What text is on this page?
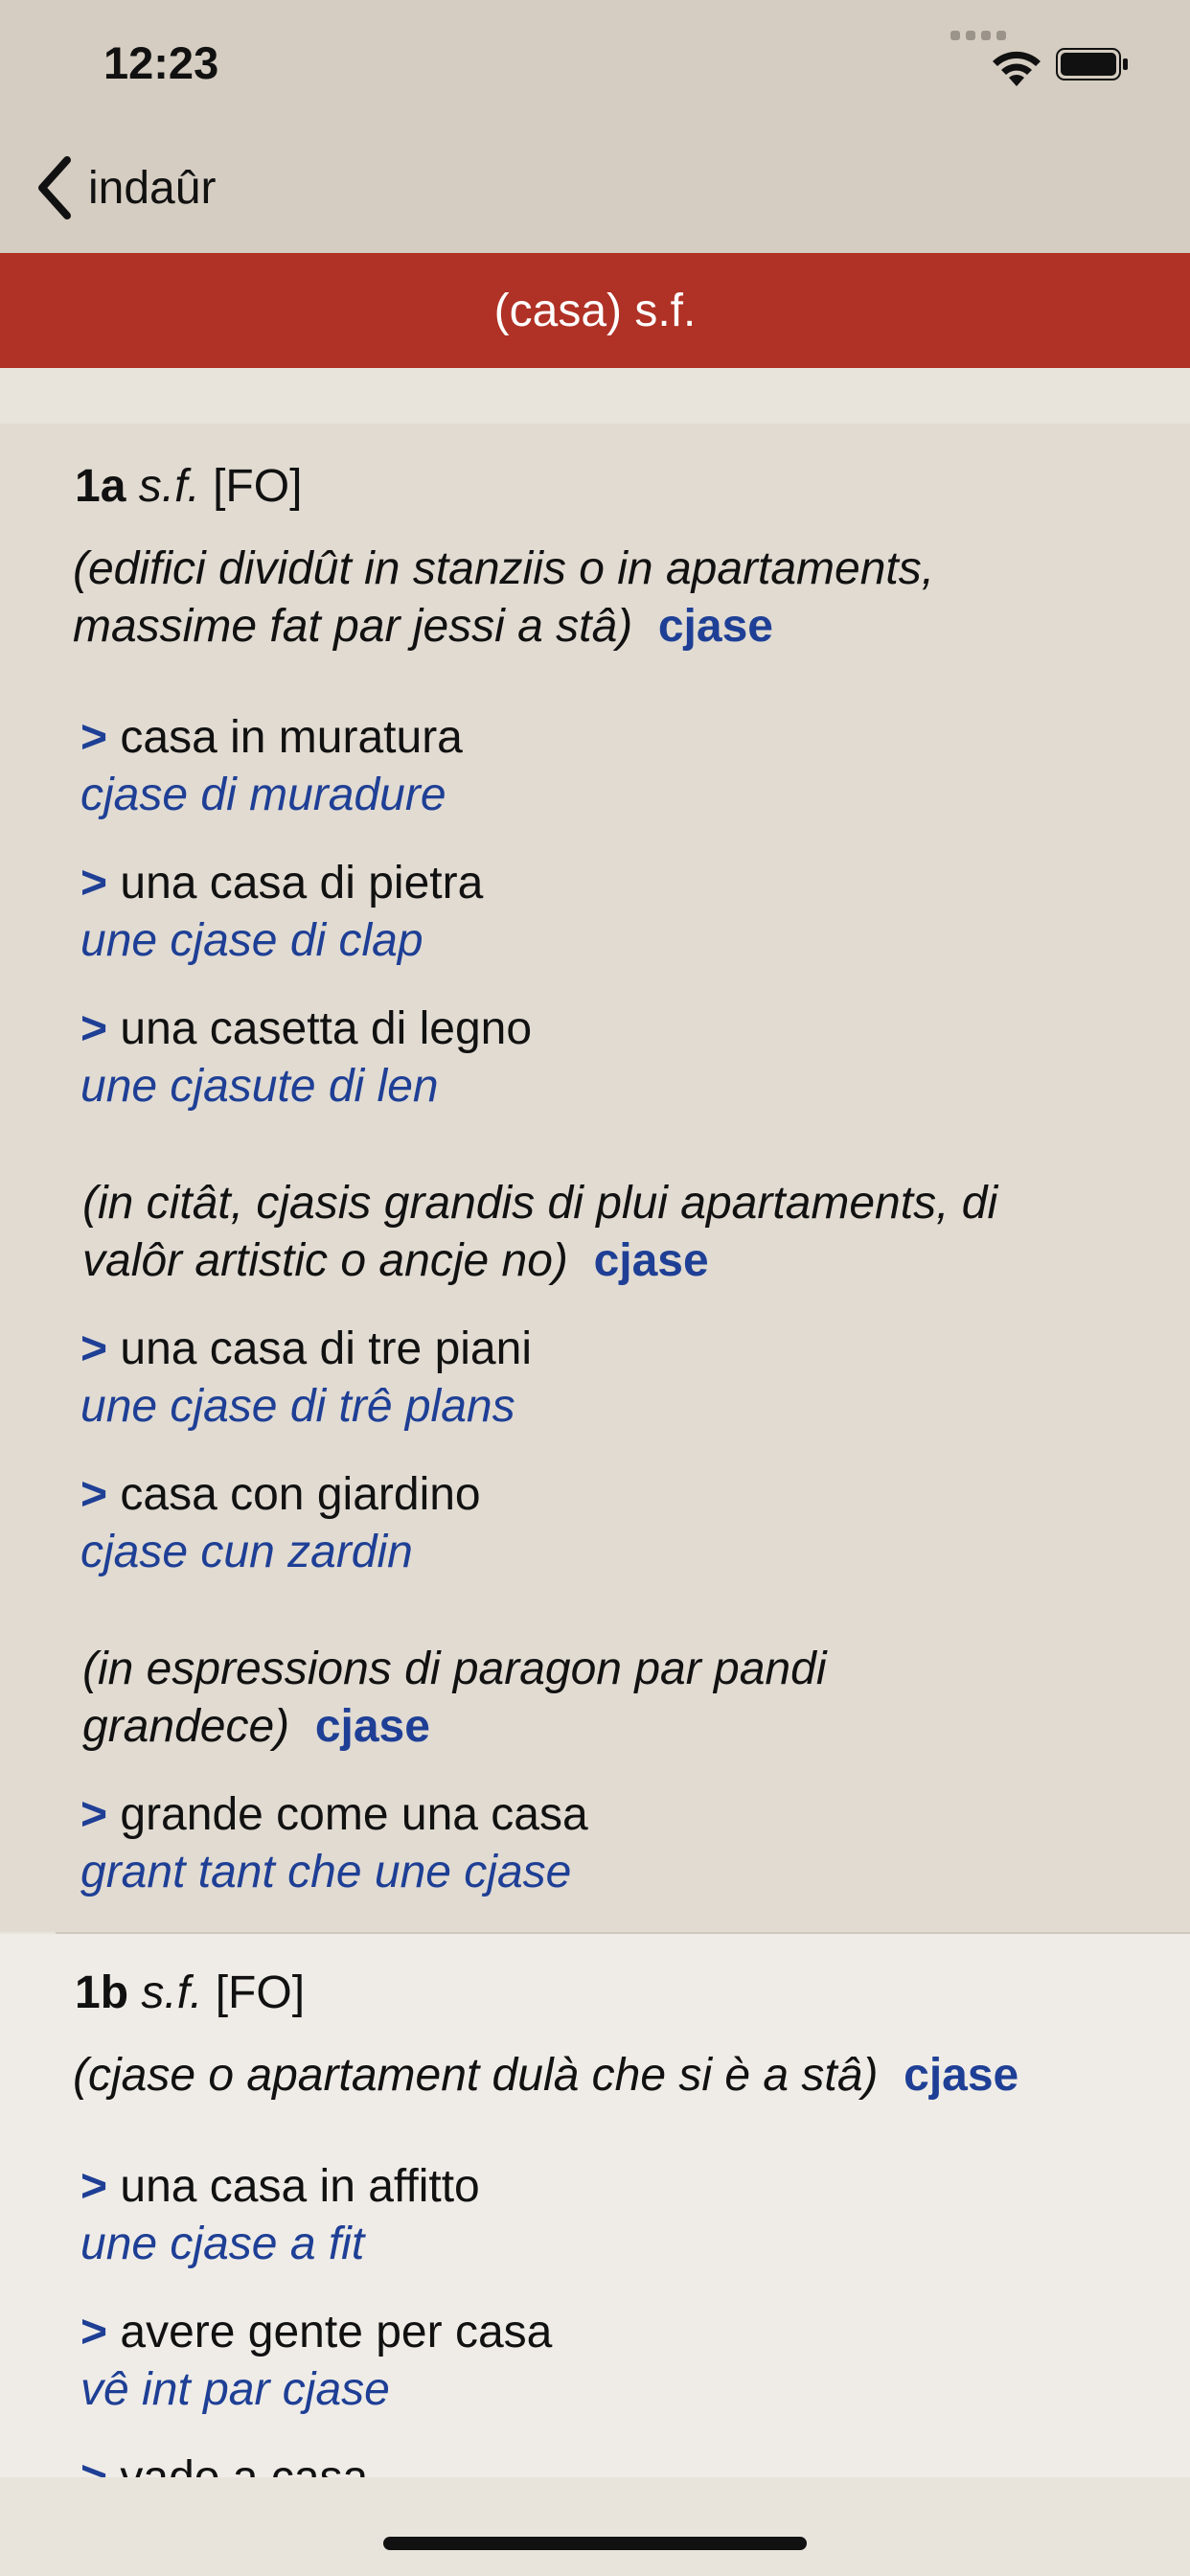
12:23
indaûr
(casa) s.f.
1a s.f. [FO]
(edifici dividût in stanziis o in apartaments,
massime fat par jessi a stâ) cjase
> casa in muratura
cjase di muradure
> una casa di pietra
une cjase di clap
> una casetta di legno
une cjasute di len
(in citât, cjasis grandis di plui apartaments, di
valôr artistic o ancje no) cjase
> una casa di tre piani
une cjase di trê plans
> casa con giardino
cjase cun zardin
(in espressions di paragon par pandi
grandece) cjase
> grande come una casa
grant tant che une cjase
1b s.f. [FO]
(cjase o apartament dulà che si è a stâ) cjase
> una casa in affitto
une cjase a fit
> avere gente per casa
vê int par cjase
